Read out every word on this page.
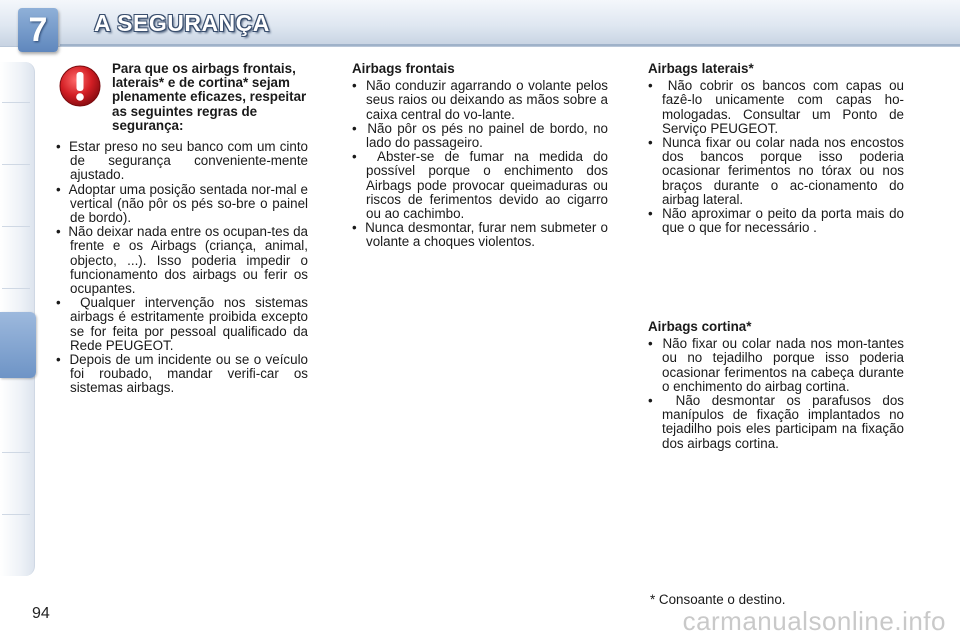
7	A SEGURANÇA
Para que os airbags frontais, laterais* e de cortina* sejam plenamente eficazes, respeitar as seguintes regras de segurança:
•  Estar preso no seu banco com um cinto de segurança conveniente-mente ajustado.
•  Adoptar uma posição sentada nor-mal e vertical (não pôr os pés so-bre o painel de bordo).
•  Não deixar nada entre os ocupan-tes da frente e os Airbags (criança, animal, objecto, ...). Isso poderia impedir o funcionamento dos airbags ou ferir os ocupantes.
•  Qualquer intervenção nos sistemas airbags é estritamente proibida excepto se for feita por pessoal qualificado da Rede PEUGEOT.
•  Depois de um incidente ou se o veículo foi roubado, mandar verifi-car os sistemas airbags.
Airbags frontais
•  Não conduzir agarrando o volante pelos seus raios ou deixando as mãos sobre a caixa central do vo-lante.
•  Não pôr os pés no painel de bordo, no lado do passageiro.
•  Abster-se de fumar na medida do possível porque o enchimento dos Airbags pode provocar queimaduras ou riscos de ferimentos devido ao cigarro ou ao cachimbo.
•  Nunca desmontar, furar nem submeter o volante a choques violentos.
Airbags laterais*
•  Não cobrir os bancos com capas ou fazê-lo unicamente com capas ho-mologadas. Consultar um Ponto de Serviço PEUGEOT.
•  Nunca fixar ou colar nada nos encostos dos bancos porque isso poderia ocasionar ferimentos no tórax ou nos braços durante o ac-cionamento do airbag lateral.
•  Não aproximar o peito da porta mais do que o que for necessário .
Airbags cortina*
•  Não fixar ou colar nada nos mon-tantes ou no tejadilho porque isso poderia ocasionar ferimentos na cabeça durante o enchimento do airbag cortina.
•  Não desmontar os parafusos dos manípulos de fixação implantados no tejadilho pois eles participam na fixação dos airbags cortina.
* Consoante o destino.
94	carmanualsonline.info
